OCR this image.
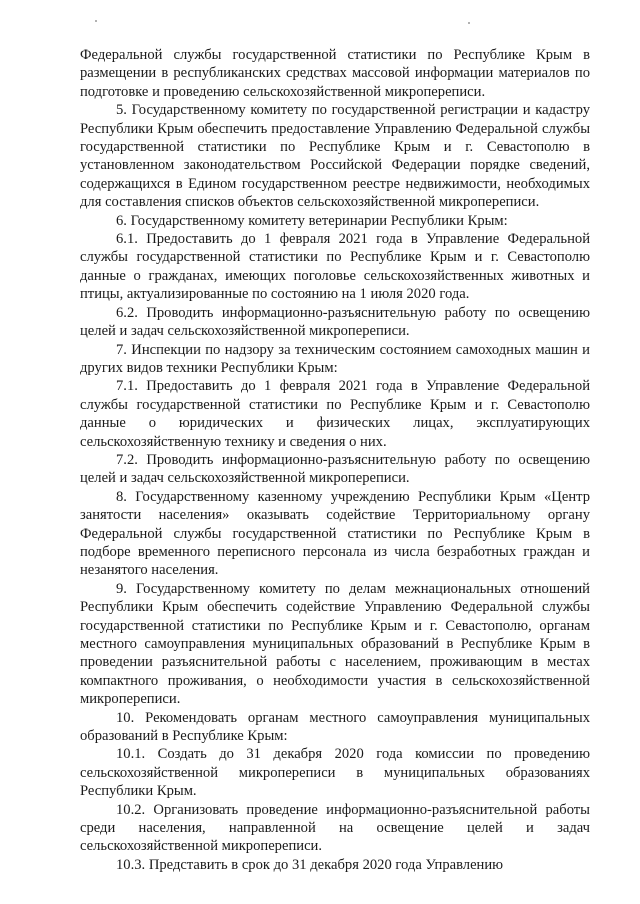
Федеральной службы государственной статистики по Республике Крым в размещении в республиканских средствах массовой информации материалов по подготовке и проведению сельскохозяйственной микропереписи.

5. Государственному комитету по государственной регистрации и кадастру Республики Крым обеспечить предоставление Управлению Федеральной службы государственной статистики по Республике Крым и г. Севастополю в установленном законодательством Российской Федерации порядке сведений, содержащихся в Едином государственном реестре недвижимости, необходимых для составления списков объектов сельскохозяйственной микропереписи.

6. Государственному комитету ветеринарии Республики Крым:

6.1. Предоставить до 1 февраля 2021 года в Управление Федеральной службы государственной статистики по Республике Крым и г. Севастополю данные о гражданах, имеющих поголовье сельскохозяйственных животных и птицы, актуализированные по состоянию на 1 июля 2020 года.

6.2. Проводить информационно-разъяснительную работу по освещению целей и задач сельскохозяйственной микропереписи.

7. Инспекции по надзору за техническим состоянием самоходных машин и других видов техники Республики Крым:

7.1. Предоставить до 1 февраля 2021 года в Управление Федеральной службы государственной статистики по Республике Крым и г. Севастополю данные о юридических и физических лицах, эксплуатирующих сельскохозяйственную технику и сведения о них.

7.2. Проводить информационно-разъяснительную работу по освещению целей и задач сельскохозяйственной микропереписи.

8. Государственному казенному учреждению Республики Крым «Центр занятости населения» оказывать содействие Территориальному органу Федеральной службы государственной статистики по Республике Крым в подборе временного переписного персонала из числа безработных граждан и незанятого населения.

9. Государственному комитету по делам межнациональных отношений Республики Крым обеспечить содействие Управлению Федеральной службы государственной статистики по Республике Крым и г. Севастополю, органам местного самоуправления муниципальных образований в Республике Крым в проведении разъяснительной работы с населением, проживающим в местах компактного проживания, о необходимости участия в сельскохозяйственной микропереписи.

10. Рекомендовать органам местного самоуправления муниципальных образований в Республике Крым:

10.1. Создать до 31 декабря 2020 года комиссии по проведению сельскохозяйственной микропереписи в муниципальных образованиях Республики Крым.

10.2. Организовать проведение информационно-разъяснительной работы среди населения, направленной на освещение целей и задач сельскохозяйственной микропереписи.

10.3. Представить в срок до 31 декабря 2020 года Управлению
